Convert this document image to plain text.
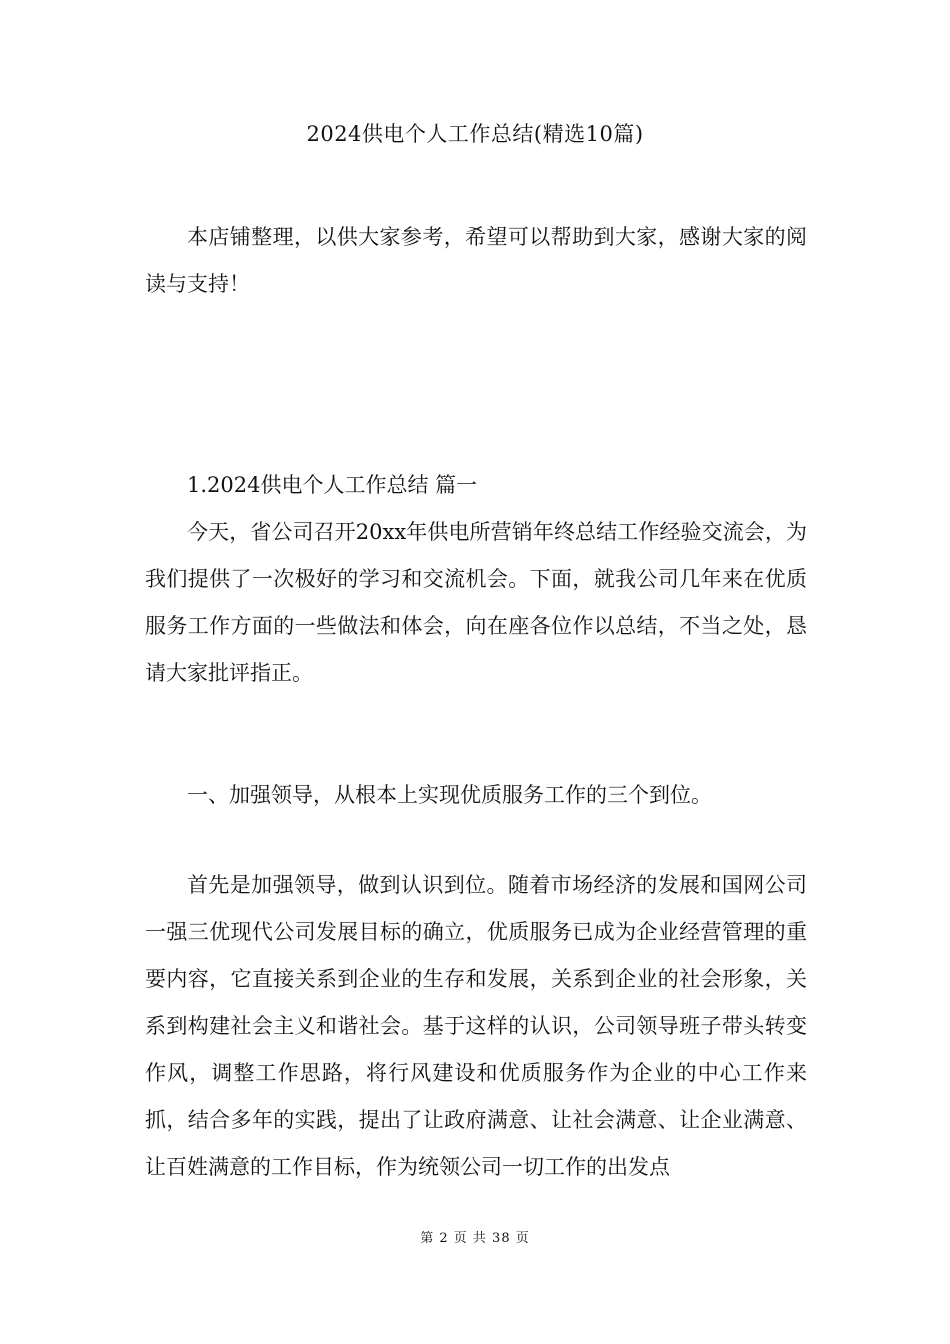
2024供电个人工作总结(精选10篇)

本店铺整理，以供大家参考，希望可以帮助到大家，感谢大家的阅读与支持！

1.2024供电个人工作总结 篇一

今天，省公司召开20xx年供电所营销年终总结工作经验交流会，为我们提供了一次极好的学习和交流机会。下面，就我公司几年来在优质服务工作方面的一些做法和体会，向在座各位作以总结，不当之处，恳请大家批评指正。

一、加强领导，从根本上实现优质服务工作的三个到位。

首先是加强领导，做到认识到位。随着市场经济的发展和国网公司一强三优现代公司发展目标的确立，优质服务已成为企业经营管理的重要内容，它直接关系到企业的生存和发展，关系到企业的社会形象，关系到构建社会主义和谐社会。基于这样的认识，公司领导班子带头转变作风，调整工作思路，将行风建设和优质服务作为企业的中心工作来抓，结合多年的实践，提出了让政府满意、让社会满意、让企业满意、让百姓满意的工作目标，作为统领公司一切工作的出发点

第 2 页 共 38 页
